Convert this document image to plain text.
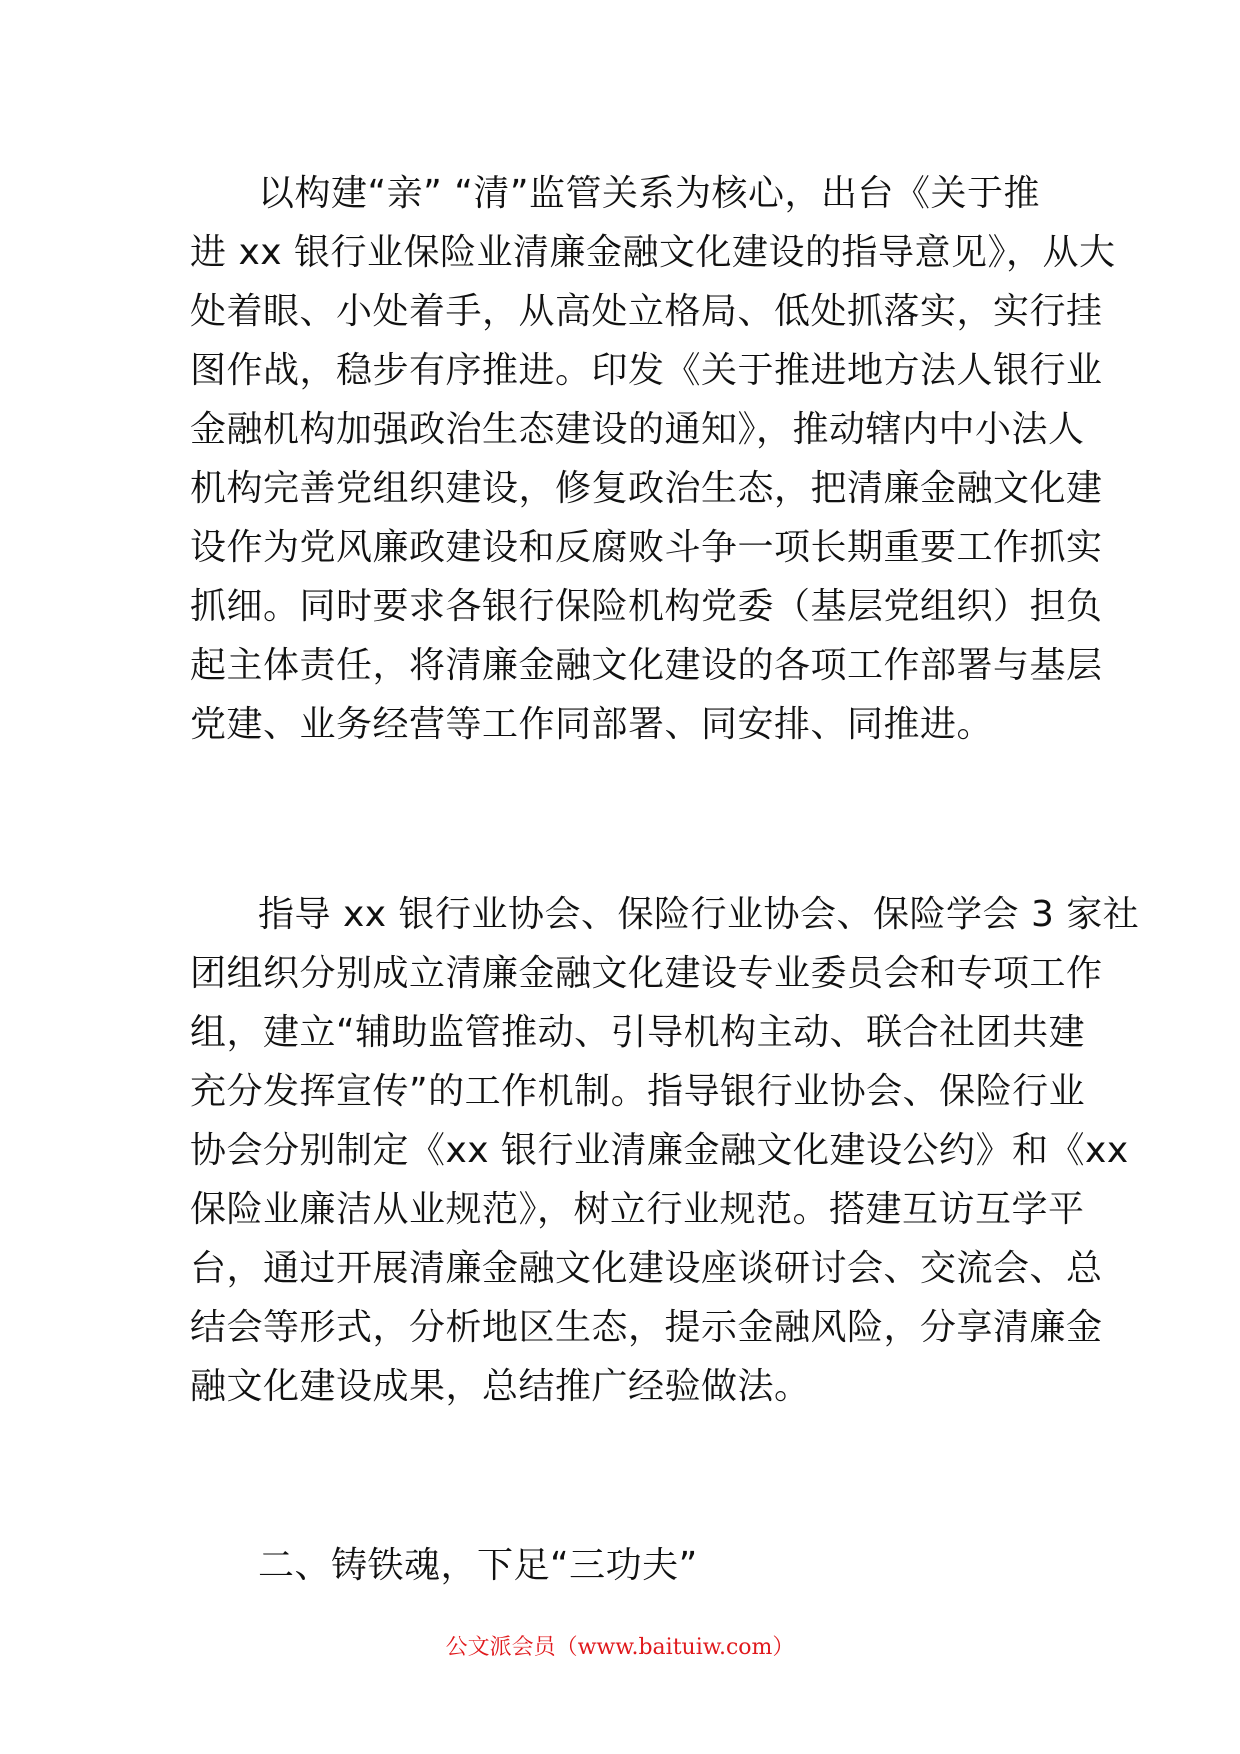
以构建“亲” “清”监管关系为核心，出台《关于推
进 xx 银行业保险业清廉金融文化建设的指导意见》，从大
处着眼、小处着手，从高处立格局、低处抓落实，实行挂
图作战，稳步有序推进。印发《关于推进地方法人银行业
金融机构加强政治生态建设的通知》，推动辖内中小法人
机构完善党组织建设，修复政治生态，把清廉金融文化建
设作为党风廉政建设和反腐败斗争一项长期重要工作抓实
抓细。同时要求各银行保险机构党委（基层党组织）担负
起主体责任，将清廉金融文化建设的各项工作部署与基层
党建、业务经营等工作同部署、同安排、同推进。
指导 xx 银行业协会、保险行业协会、保险学会 3 家社
团组织分别成立清廉金融文化建设专业委员会和专项工作
组，建立“辅助监管推动、引导机构主动、联合社团共建
充分发挥宣传”的工作机制。指导银行业协会、保险行业
协会分别制定《xx 银行业清廉金融文化建设公约》和《xx
保险业廉洁从业规范》，树立行业规范。搭建互访互学平
台，通过开展清廉金融文化建设座谈研讨会、交流会、总
结会等形式，分析地区生态，提示金融风险，分享清廉金
融文化建设成果，总结推广经验做法。
二、铸铁魂，下足“三功夫”
公文派会员（www.baituiw.com）
